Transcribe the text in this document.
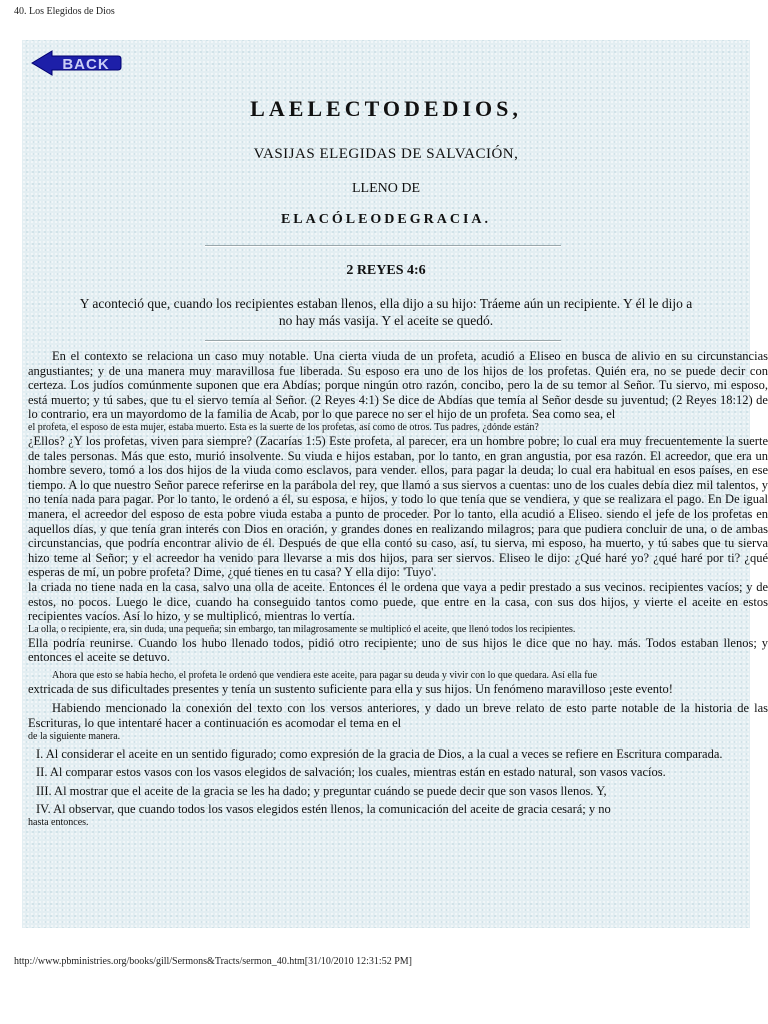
40. Los Elegidos de Dios
BACK
LAELECTODEDIOS,
VASIJAS ELEGIDAS DE SALVACIÓN,
LLENO DE
ELACÓLEODEGRACIA.
2 REYES 4:6
Y aconteció que, cuando los recipientes estaban llenos, ella dijo a su hijo: Tráeme aún un recipiente. Y él le dijo a
no hay más vasija. Y el aceite se quedó.

En el contexto se relaciona un caso muy notable. Una cierta viuda de un profeta, acudió a Eliseo en busca de alivio en su circunstancias angustiantes; y de una manera muy maravillosa fue liberada. Su esposo era uno de los hijos de los profetas. Quién era, no se puede decir con certeza. Los judíos comúnmente suponen que era Abdías; porque ningún otro razón, concibo, pero la de su temor al Señor. Tu siervo, mi esposo, está muerto; y tú sabes, que tu el siervo temía al Señor. (2 Reyes 4:1) Se dice de Abdías que temía al Señor desde su juventud; (2 Reyes 18:12) de lo contrario, era un mayordomo de la familia de Acab, por lo que parece no ser el hijo de un profeta. Sea como sea, el

el profeta, el esposo de esta mujer, estaba muerto. Esta es la suerte de los profetas, así como de otros. Tus padres, ¿dónde están?

¿Ellos? ¿Y los profetas, viven para siempre? (Zacarías 1:5) Este profeta, al parecer, era un hombre pobre; lo cual era muy frecuentemente la suerte de tales personas. Más que esto, murió insolvente. Su viuda e hijos estaban, por lo tanto, en gran angustia, por esa razón. El acreedor, que era un hombre severo, tomó a los dos hijos de la viuda como esclavos, para vender. ellos, para pagar la deuda; lo cual era habitual en esos países, en ese tiempo. A lo que nuestro Señor parece referirse en la parábola del rey, que llamó a sus siervos a cuentas: uno de los cuales debía diez mil talentos, y no tenía nada para pagar. Por lo tanto, le ordenó a él, su esposa, e hijos, y todo lo que tenía que se vendiera, y que se realizara el pago. En De igual manera, el acreedor del esposo de esta pobre viuda estaba a punto de proceder. Por lo tanto, ella acudió a Eliseo. siendo el jefe de los profetas en aquellos días, y que tenía gran interés con Dios en oración, y grandes dones en realizando milagros; para que pudiera concluir de una, o de ambas circunstancias, que podría encontrar alivio de él. Después de que ella contó su caso, así, tu sierva, mi esposo, ha muerto, y tú sabes que tu sierva hizo teme al Señor; y el acreedor ha venido para llevarse a mis dos hijos, para ser siervos. Eliseo le dijo: ¿Qué haré yo? ¿qué haré por ti? ¿qué esperas de mí, un pobre profeta? Dime, ¿qué tienes en tu casa? Y ella dijo: 'Tuyo'.

la criada no tiene nada en la casa, salvo una olla de aceite. Entonces él le ordena que vaya a pedir prestado a sus vecinos. recipientes vacíos; y de estos, no pocos. Luego le dice, cuando ha conseguido tantos como puede, que entre en la casa, con sus dos hijos, y vierte el aceite en estos recipientes vacíos. Así lo hizo, y se multiplicó, mientras lo vertía.

La olla, o recipiente, era, sin duda, una pequeña; sin embargo, tan milagrosamente se multiplicó el aceite, que llenó todos los recipientes.

Ella podría reunirse. Cuando los hubo llenado todos, pidió otro recipiente; uno de sus hijos le dice que no hay. más. Todos estaban llenos; y entonces el aceite se detuvo.

Ahora que esto se había hecho, el profeta le ordenó que vendiera este aceite, para pagar su deuda y vivir con lo que quedara. Así ella fue

extricada de sus dificultades presentes y tenía un sustento suficiente para ella y sus hijos. Un fenómeno maravilloso ¡este evento!

Habiendo mencionado la conexión del texto con los versos anteriores, y dado un breve relato de esto parte notable de la historia de las Escrituras, lo que intentaré hacer a continuación es acomodar el tema en el

de la siguiente manera.

I. Al considerar el aceite en un sentido figurado; como expresión de la gracia de Dios, a la cual a veces se refiere en Escritura comparada.

II. Al comparar estos vasos con los vasos elegidos de salvación; los cuales, mientras están en estado natural, son vasos vacíos.

III. Al mostrar que el aceite de la gracia se les ha dado; y preguntar cuándo se puede decir que son vasos llenos. Y,

IV. Al observar, que cuando todos los vasos elegidos estén llenos, la comunicación del aceite de gracia cesará; y no

hasta entonces.

http://www.pbministries.org/books/gill/Sermons&Tracts/sermon_40.htm[31/10/2010 12:31:52 PM]
